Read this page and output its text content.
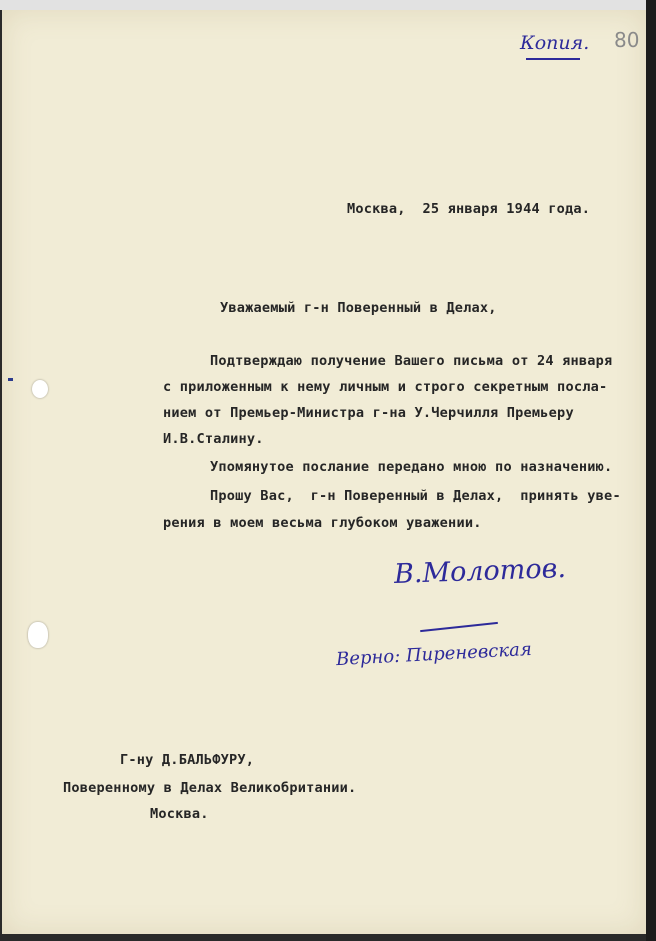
Копия. 80
Москва,  25 января 1944 года.
Уважаемый г-н Поверенный в Делах,
Подтверждаю получение Вашего письма от 24 января
с приложенным к нему личным и строго секретным посла-
нием от Премьер-Министра г-на У.Черчилля Премьеру
И.В.Сталину.
Упомянутое послание передано мною по назначению.
Прошу Вас,  г-н Поверенный в Делах,  принять уве-
рения в моем весьма глубоком уважении.
В.Молотов.
Верно: Пиреневская
Г-ну Д.БАЛЬФУРУ,
Поверенному в Делах Великобритании.
Москва.
